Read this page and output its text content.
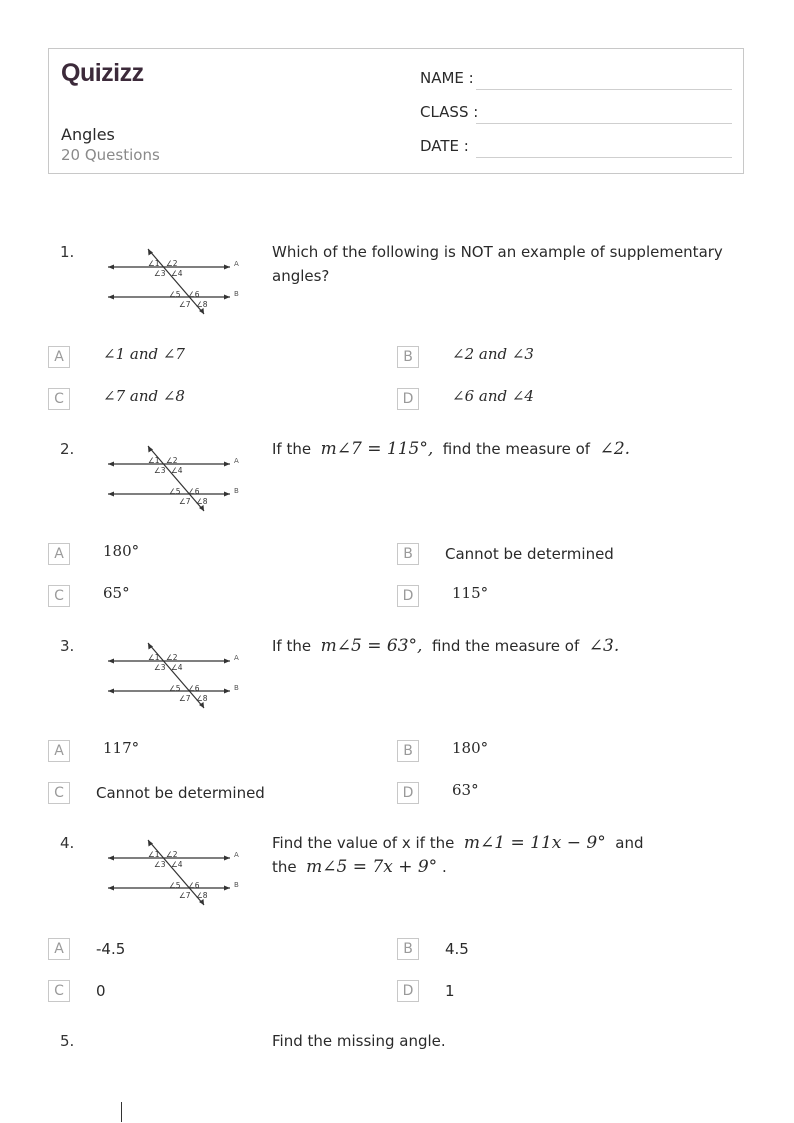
Quizizz
Angles
20 Questions
NAME :
CLASS :
DATE :
1.
∠1 ∠2
∠3 ∠4
∠5 ∠6
∠7 ∠8
A
B
Which of the following is NOT an example of supplementary angles?
A	∠1 and ∠7	B	∠2 and ∠3
C	∠7 and ∠8	D	∠6 and ∠4
2.
∠1 ∠2
∠3 ∠4
∠5 ∠6
∠7 ∠8
A
B
If the m∠7 = 115°, find the measure of ∠2.
A	180°	B	Cannot be determined
C	65°	D	115°
3.
∠1 ∠2
∠3 ∠4
∠5 ∠6
∠7 ∠8
A
B
If the m∠5 = 63°, find the measure of ∠3.
A	117°	B	180°
C	Cannot be determined	D	63°
4.
∠1 ∠2
∠3 ∠4
∠5 ∠6
∠7 ∠8
A
B
Find the value of x if the m∠1 = 11x − 9° and
the m∠5 = 7x + 9° .
A	-4.5	B	4.5
C	0	D	1
5.	Find the missing angle.
